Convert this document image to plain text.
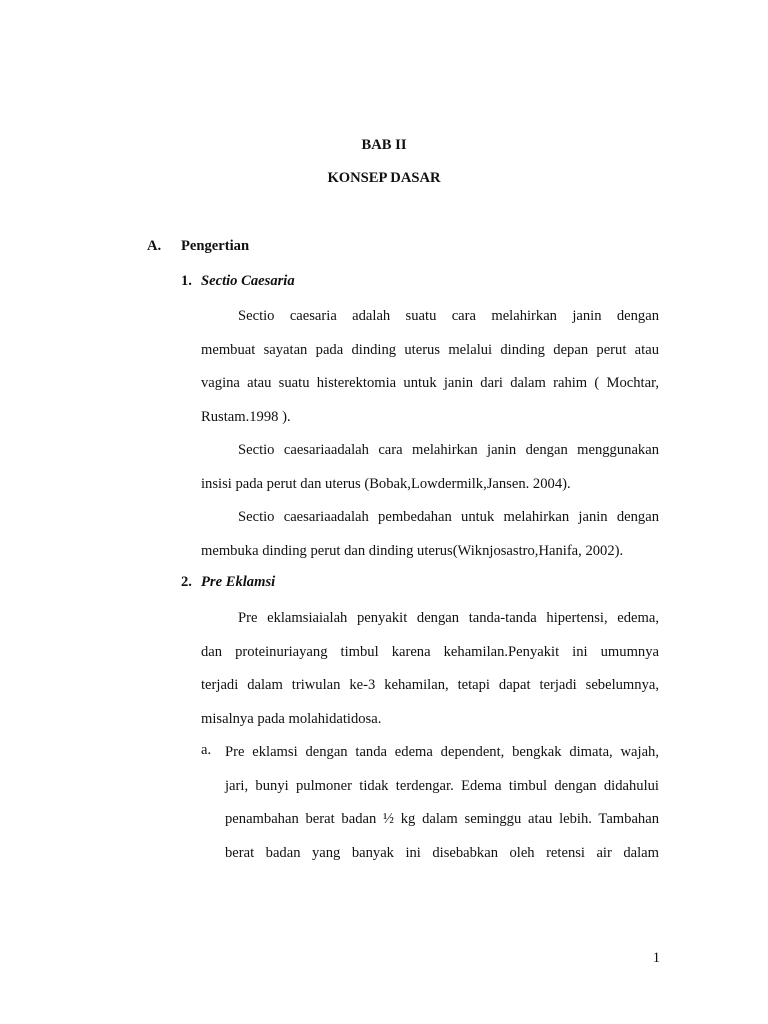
BAB II
KONSEP DASAR
A. Pengertian
1. Sectio Caesaria
Sectio caesaria adalah suatu cara melahirkan janin dengan
membuat sayatan pada dinding uterus melalui dinding depan perut atau
vagina atau suatu histerektomia untuk janin dari dalam rahim ( Mochtar,
Rustam.1998 ).
Sectio caesariaadalah cara melahirkan janin dengan menggunakan
insisi pada perut dan uterus (Bobak,Lowdermilk,Jansen. 2004).
Sectio caesariaadalah pembedahan untuk melahirkan janin dengan
membuka dinding perut dan dinding uterus(Wiknjosastro,Hanifa, 2002).
2. Pre Eklamsi
Pre eklamsiaialah penyakit dengan tanda-tanda hipertensi, edema,
dan proteinuriayang timbul karena kehamilan.Penyakit ini umumnya
terjadi dalam triwulan ke-3 kehamilan, tetapi dapat terjadi sebelumnya,
misalnya pada molahidatidosa.
a. Pre eklamsi dengan tanda edema dependent, bengkak dimata, wajah,
jari, bunyi pulmoner tidak terdengar. Edema timbul dengan didahului
penambahan berat badan ½ kg dalam seminggu atau lebih. Tambahan
berat badan yang banyak ini disebabkan oleh retensi air dalam
1
